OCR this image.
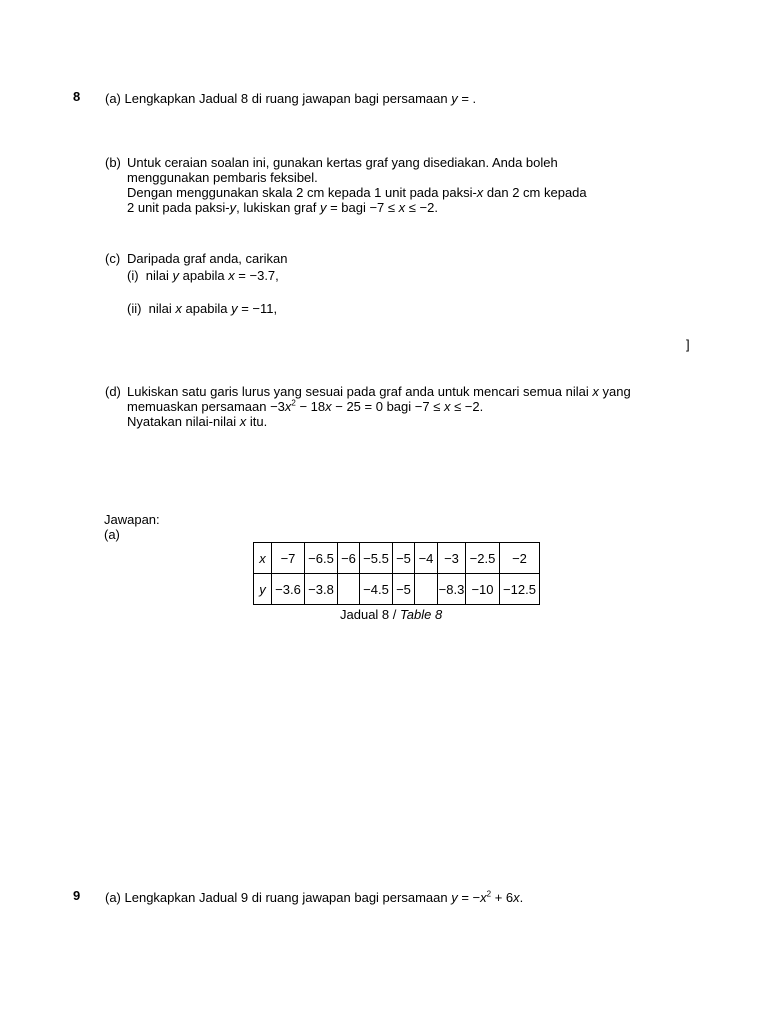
8 (a) Lengkapkan Jadual 8 di ruang jawapan bagi persamaan y = .
(b) Untuk ceraian soalan ini, gunakan kertas graf yang disediakan. Anda boleh
menggunakan pembaris feksibel.
Dengan menggunakan skala 2 cm kepada 1 unit pada paksi-x dan 2 cm kepada
2 unit pada paksi-y, lukiskan graf y = bagi −7 ≤ x ≤ −2.
(c) Daripada graf anda, carikan
(i) nilai y apabila x = −3.7,
(ii) nilai x apabila y = −11,
]
(d) Lukiskan satu garis lurus yang sesuai pada graf anda untuk mencari semua nilai x yang
memuaskan persamaan $-3x^2 - 18x - 25 = 0$ bagi −7 ≤ x ≤ −2.
Nyatakan nilai-nilai x itu.
Jawapan:
(a)
x	−7	−6.5	−6	−5.5	−5	−4	−3	−2.5	−2
y	−3.6	−3.8		−4.5	−5		−8.3	−10	−12.5
Jadual 8 / Table 8
9 (a) Lengkapkan Jadual 9 di ruang jawapan bagi persamaan $y = -x^2 + 6x$.
